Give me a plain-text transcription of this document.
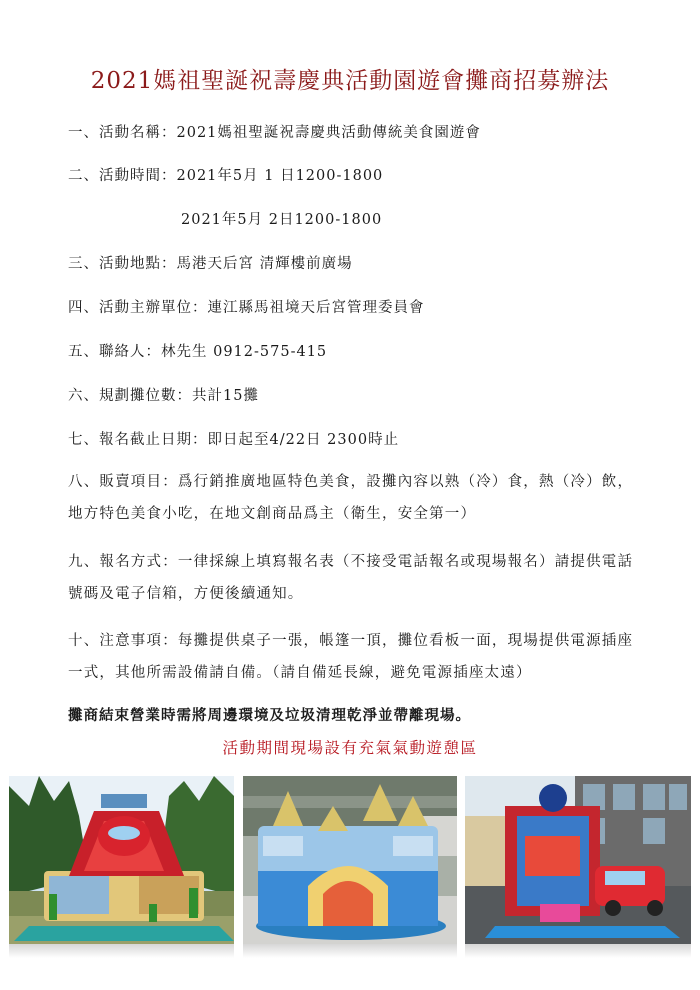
2021媽祖聖誕祝壽慶典活動園遊會攤商招募辦法
一、活動名稱：2021媽祖聖誕祝壽慶典活動傳統美食園遊會
二、活動時間：2021年5月 1 日1200-1800
2021年5月 2日1200-1800
三、活動地點：馬港天后宮 清輝樓前廣場
四、活動主辦單位：連江縣馬祖境天后宮管理委員會
五、聯絡人：林先生 0912-575-415
六、規劃攤位數：共計15攤
七、報名截止日期：即日起至4/22日 2300時止
八、販賣項目：爲行銷推廣地區特色美食，設攤內容以熟（冷）食，熱（冷）飲，地方特色美食小吃，在地文創商品爲主（衛生，安全第一）
九、報名方式：一律採線上填寫報名表（不接受電話報名或現場報名）請提供電話號碼及電子信箱，方便後續通知。
十、注意事項：每攤提供桌子一張，帳篷一頂，攤位看板一面，現場提供電源插座一式，其他所需設備請自備。（請自備延長線，避免電源插座太遠）
攤商結束營業時需將周邊環境及垃圾清理乾淨並帶離現場。
活動期間現場設有充氣氣動遊憩區
